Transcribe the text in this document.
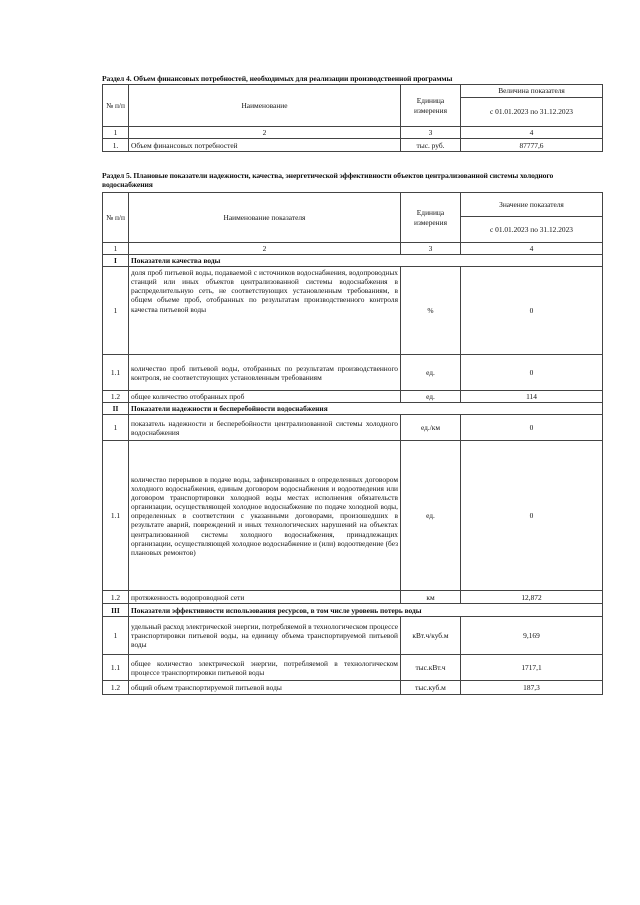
Раздел 4. Объем финансовых потребностей, необходимых для реализации производственной программы
№ п/п	Наименование	Единица измерения	Величина показателя
			с 01.01.2023 по 31.12.2023
1	2	3	4
1.	Объем финансовых потребностей	тыс. руб.	87777,6
Раздел 5. Плановые показатели надежности, качества, энергетической эффективности объектов централизованной системы холодного водоснабжения
№ п/п	Наименование показателя	Единица измерения	Значение показателя
			с 01.01.2023 по 31.12.2023
1	2	3	4
I	Показатели качества воды		
1	доля проб питьевой воды, подаваемой с источников водоснабжения, водопроводных станций или иных объектов централизованной системы водоснабжения в распределительную сеть, не соответствующих установленным требованиям, в общем объеме проб, отобранных по результатам производственного контроля качества питьевой воды	%	0
1.1	количество проб питьевой воды, отобранных по результатам производственного контроля, не соответствующих установленным требованиям	ед.	0
1.2	общее количество отобранных проб	ед.	114
II	Показатели надежности и бесперебойности водоснабжения		
1	показатель надежности и бесперебойности централизованной системы холодного водоснабжения	ед./км	0
1.1	количество перерывов в подаче воды, зафиксированных в определенных договором холодного водоснабжения, единым договором водоснабжения и водоотведения или договором транспортировки холодной воды местах исполнения обязательств организации, осуществляющей холодное водоснабжение по подаче холодной воды, определенных в соответствии с указанными договорами, произошедших в результате аварий, повреждений и иных технологических нарушений на объектах централизованной системы холодного водоснабжения, принадлежащих организации, осуществляющей холодное водоснабжение и (или) водоотведение (без плановых ремонтов)	ед.	0
1.2	протяженность водопроводной сети	км	12,872
III	Показатели эффективности использования ресурсов, в том числе уровень потерь воды		
1	удельный расход электрической энергии, потребляемой в технологическом процессе транспортировки питьевой воды, на единицу объема транспортируемой питьевой воды	кВт.ч/куб.м	9,169
1.1	общее количество электрической энергии, потребляемой в технологическом процессе транспортировки питьевой воды	тыс.кВт.ч	1717,1
1.2	общий объем транспортируемой питьевой воды	тыс.куб.м	187,3
